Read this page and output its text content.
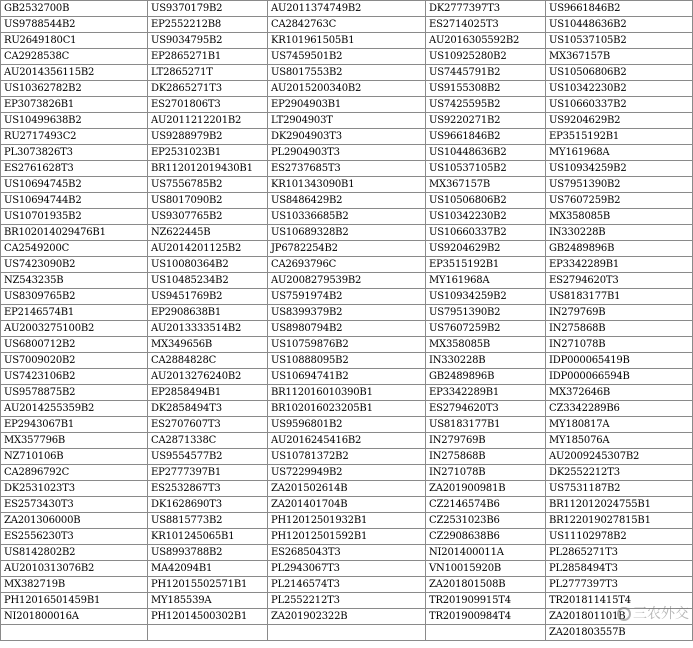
GB2532700B	US9370179B2	AU2011374749B2	DK2777397T3	US9661846B2
US9788544B2	EP2552212B8	CA2842763C	ES2714025T3	US10448636B2
RU2649180C1	US9034795B2	KR101961505B1	AU2016305592B2	US10537105B2
CA2928538C	EP2865271B1	US7459501B2	US10925280B2	MX367157B
AU2014356115B2	LT2865271T	US8017553B2	US7445791B2	US10506806B2
US10362782B2	DK2865271T3	AU2015200340B2	US9155308B2	US10342230B2
EP3073826B1	ES2701806T3	EP2904903B1	US7425595B2	US10660337B2
US10499638B2	AU2011212201B2	LT2904903T	US9220271B2	US9204629B2
RU2717493C2	US9288979B2	DK2904903T3	US9661846B2	EP3515192B1
PL3073826T3	EP2531023B1	PL2904903T3	US10448636B2	MY161968A
ES2761628T3	BR112012019430B1	ES2737685T3	US10537105B2	US10934259B2
US10694745B2	US7556785B2	KR101343090B1	MX367157B	US7951390B2
US10694744B2	US8017090B2	US8486429B2	US10506806B2	US7607259B2
US10701935B2	US9307765B2	US10336685B2	US10342230B2	MX358085B
BR102014029476B1	NZ622445B	US10689328B2	US10660337B2	IN330228B
CA2549200C	AU2014201125B2	JP6782254B2	US9204629B2	GB2489896B
US7423090B2	US10080364B2	CA2693796C	EP3515192B1	EP3342289B1
NZ543235B	US10485234B2	AU2008279539B2	MY161968A	ES2794620T3
US8309765B2	US9451769B2	US7591974B2	US10934259B2	US8183177B1
EP2146574B1	EP2908638B1	US8399379B2	US7951390B2	IN279769B
AU2003275100B2	AU2013333514B2	US8980794B2	US7607259B2	IN275868B
US6800712B2	MX349656B	US10759876B2	MX358085B	IN271078B
US7009020B2	CA2884828C	US10888095B2	IN330228B	IDP000065419B
US7423106B2	AU2013276240B2	US10694741B2	GB2489896B	IDP000066594B
US9578875B2	EP2858494B1	BR112016010390B1	EP3342289B1	MX372646B
AU2014255359B2	DK2858494T3	BR102016023205B1	ES2794620T3	CZ3342289B6
EP2943067B1	ES2707607T3	US9596801B2	US8183177B1	MY180817A
MX357796B	CA2871338C	AU2016245416B2	IN279769B	MY185076A
NZ710106B	US9554577B2	US10781372B2	IN275868B	AU2009245307B2
CA2896792C	EP2777397B1	US7229949B2	IN271078B	DK2552212T3
DK2531023T3	ES2532867T3	ZA201502614B	ZA201900981B	US7531187B2
ES2573430T3	DK1628690T3	ZA201401704B	CZ2146574B6	BR112012024755B1
ZA201306000B	US8815773B2	PH12012501932B1	CZ2531023B6	BR122019027815B1
ES2556230T3	KR101245065B1	PH12012501592B1	CZ2908638B6	US11102978B2
US8142802B2	US8993788B2	ES2685043T3	NI201400011A	PL2865271T3
AU2010313076B2	MA42094B1	PL2943067T3	VN10015920B	PL2858494T3
MX382719B	PH12015502571B1	PL2146574T3	ZA201801508B	PL2777397T3
PH12016501459B1	MY185539A	PL2552212T3	TR201909915T4	TR201811415T4
NI201800016A	PH12014500302B1	ZA201902322B	TR201900984T4	ZA201801101B
				ZA201803557B
三农外交
